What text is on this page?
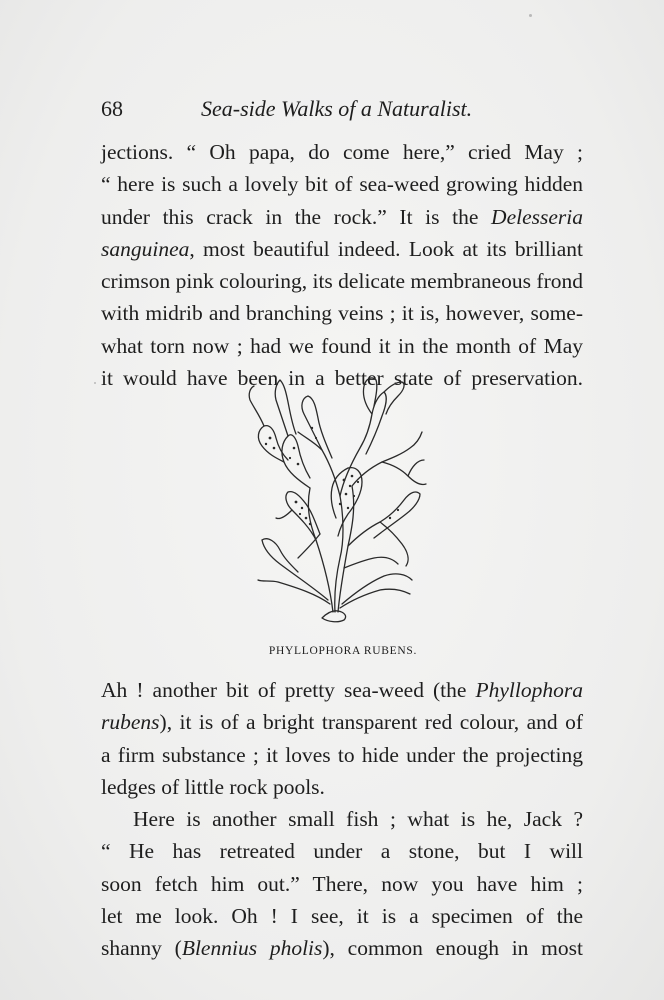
68	Sea-side Walks of a Naturalist.
jections. “ Oh papa, do come here,” cried May ;
“ here is such a lovely bit of sea-weed growing hidden
under this crack in the rock.” It is the Delesseria
sanguinea, most beautiful indeed. Look at its brilliant
crimson pink colouring, its delicate membraneous frond
with midrib and branching veins ; it is, however, some-
what torn now ; had we found it in the month of May
it would have been in a better state of preservation.
PHYLLOPHORA RUBENS.
Ah ! another bit of pretty sea-weed (the Phyllophora
rubens), it is of a bright transparent red colour, and of
a firm substance ; it loves to hide under the projecting
ledges of little rock pools.
Here is another small fish ; what is he, Jack ?
“ He has retreated under a stone, but I will
soon fetch him out.” There, now you have him ;
let me look. Oh ! I see, it is a specimen of the
shanny (Blennius pholis), common enough in most
